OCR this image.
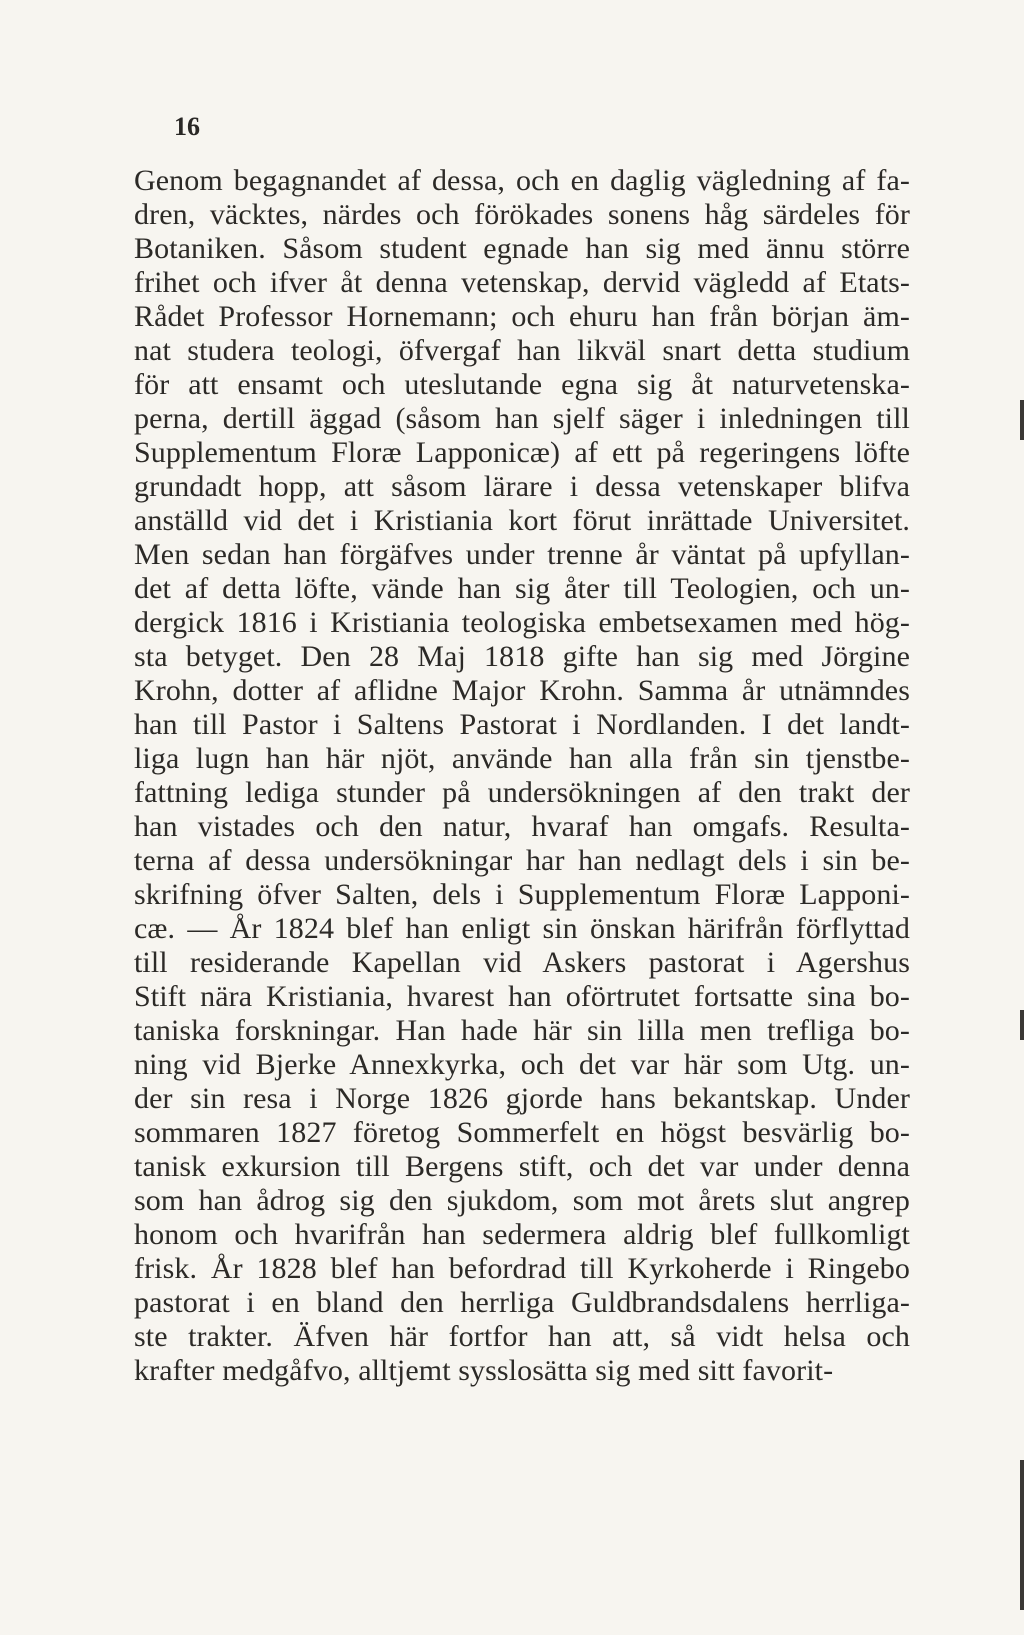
16
Genom begagnandet af dessa, och en daglig vägledning af fa-
dren, väcktes, närdes och förökades sonens håg särdeles för
Botaniken. Såsom student egnade han sig med ännu större
frihet och ifver åt denna vetenskap, dervid vägledd af Etats-
Rådet Professor Hornemann; och ehuru han från början äm-
nat studera teologi, öfvergaf han likväl snart detta studium
för att ensamt och uteslutande egna sig åt naturvetenska-
perna, dertill äggad (såsom han sjelf säger i inledningen till
Supplementum Floræ Lapponicæ) af ett på regeringens löfte
grundadt hopp, att såsom lärare i dessa vetenskaper blifva
anställd vid det i Kristiania kort förut inrättade Universitet.
Men sedan han förgäfves under trenne år väntat på upfyllan-
det af detta löfte, vände han sig åter till Teologien, och un-
dergick 1816 i Kristiania teologiska embetsexamen med hög-
sta betyget. Den 28 Maj 1818 gifte han sig med Jörgine
Krohn, dotter af aflidne Major Krohn. Samma år utnämndes
han till Pastor i Saltens Pastorat i Nordlanden. I det landt-
liga lugn han här njöt, använde han alla från sin tjenstbe-
fattning lediga stunder på undersökningen af den trakt der
han vistades och den natur, hvaraf han omgafs. Resulta-
terna af dessa undersökningar har han nedlagt dels i sin be-
skrifning öfver Salten, dels i Supplementum Floræ Lapponi-
cæ. — År 1824 blef han enligt sin önskan härifrån förflyttad
till residerande Kapellan vid Askers pastorat i Agershus
Stift nära Kristiania, hvarest han oförtrutet fortsatte sina bo-
taniska forskningar. Han hade här sin lilla men trefliga bo-
ning vid Bjerke Annexkyrka, och det var här som Utg. un-
der sin resa i Norge 1826 gjorde hans bekantskap. Under
sommaren 1827 företog Sommerfelt en högst besvärlig bo-
tanisk exkursion till Bergens stift, och det var under denna
som han ådrog sig den sjukdom, som mot årets slut angrep
honom och hvarifrån han sedermera aldrig blef fullkomligt
frisk. År 1828 blef han befordrad till Kyrkoherde i Ringebo
pastorat i en bland den herrliga Guldbrandsdalens herrliga-
ste trakter. Äfven här fortfor han att, så vidt helsa och
krafter medgåfvo, alltjemt sysslosätta sig med sitt favorit-
